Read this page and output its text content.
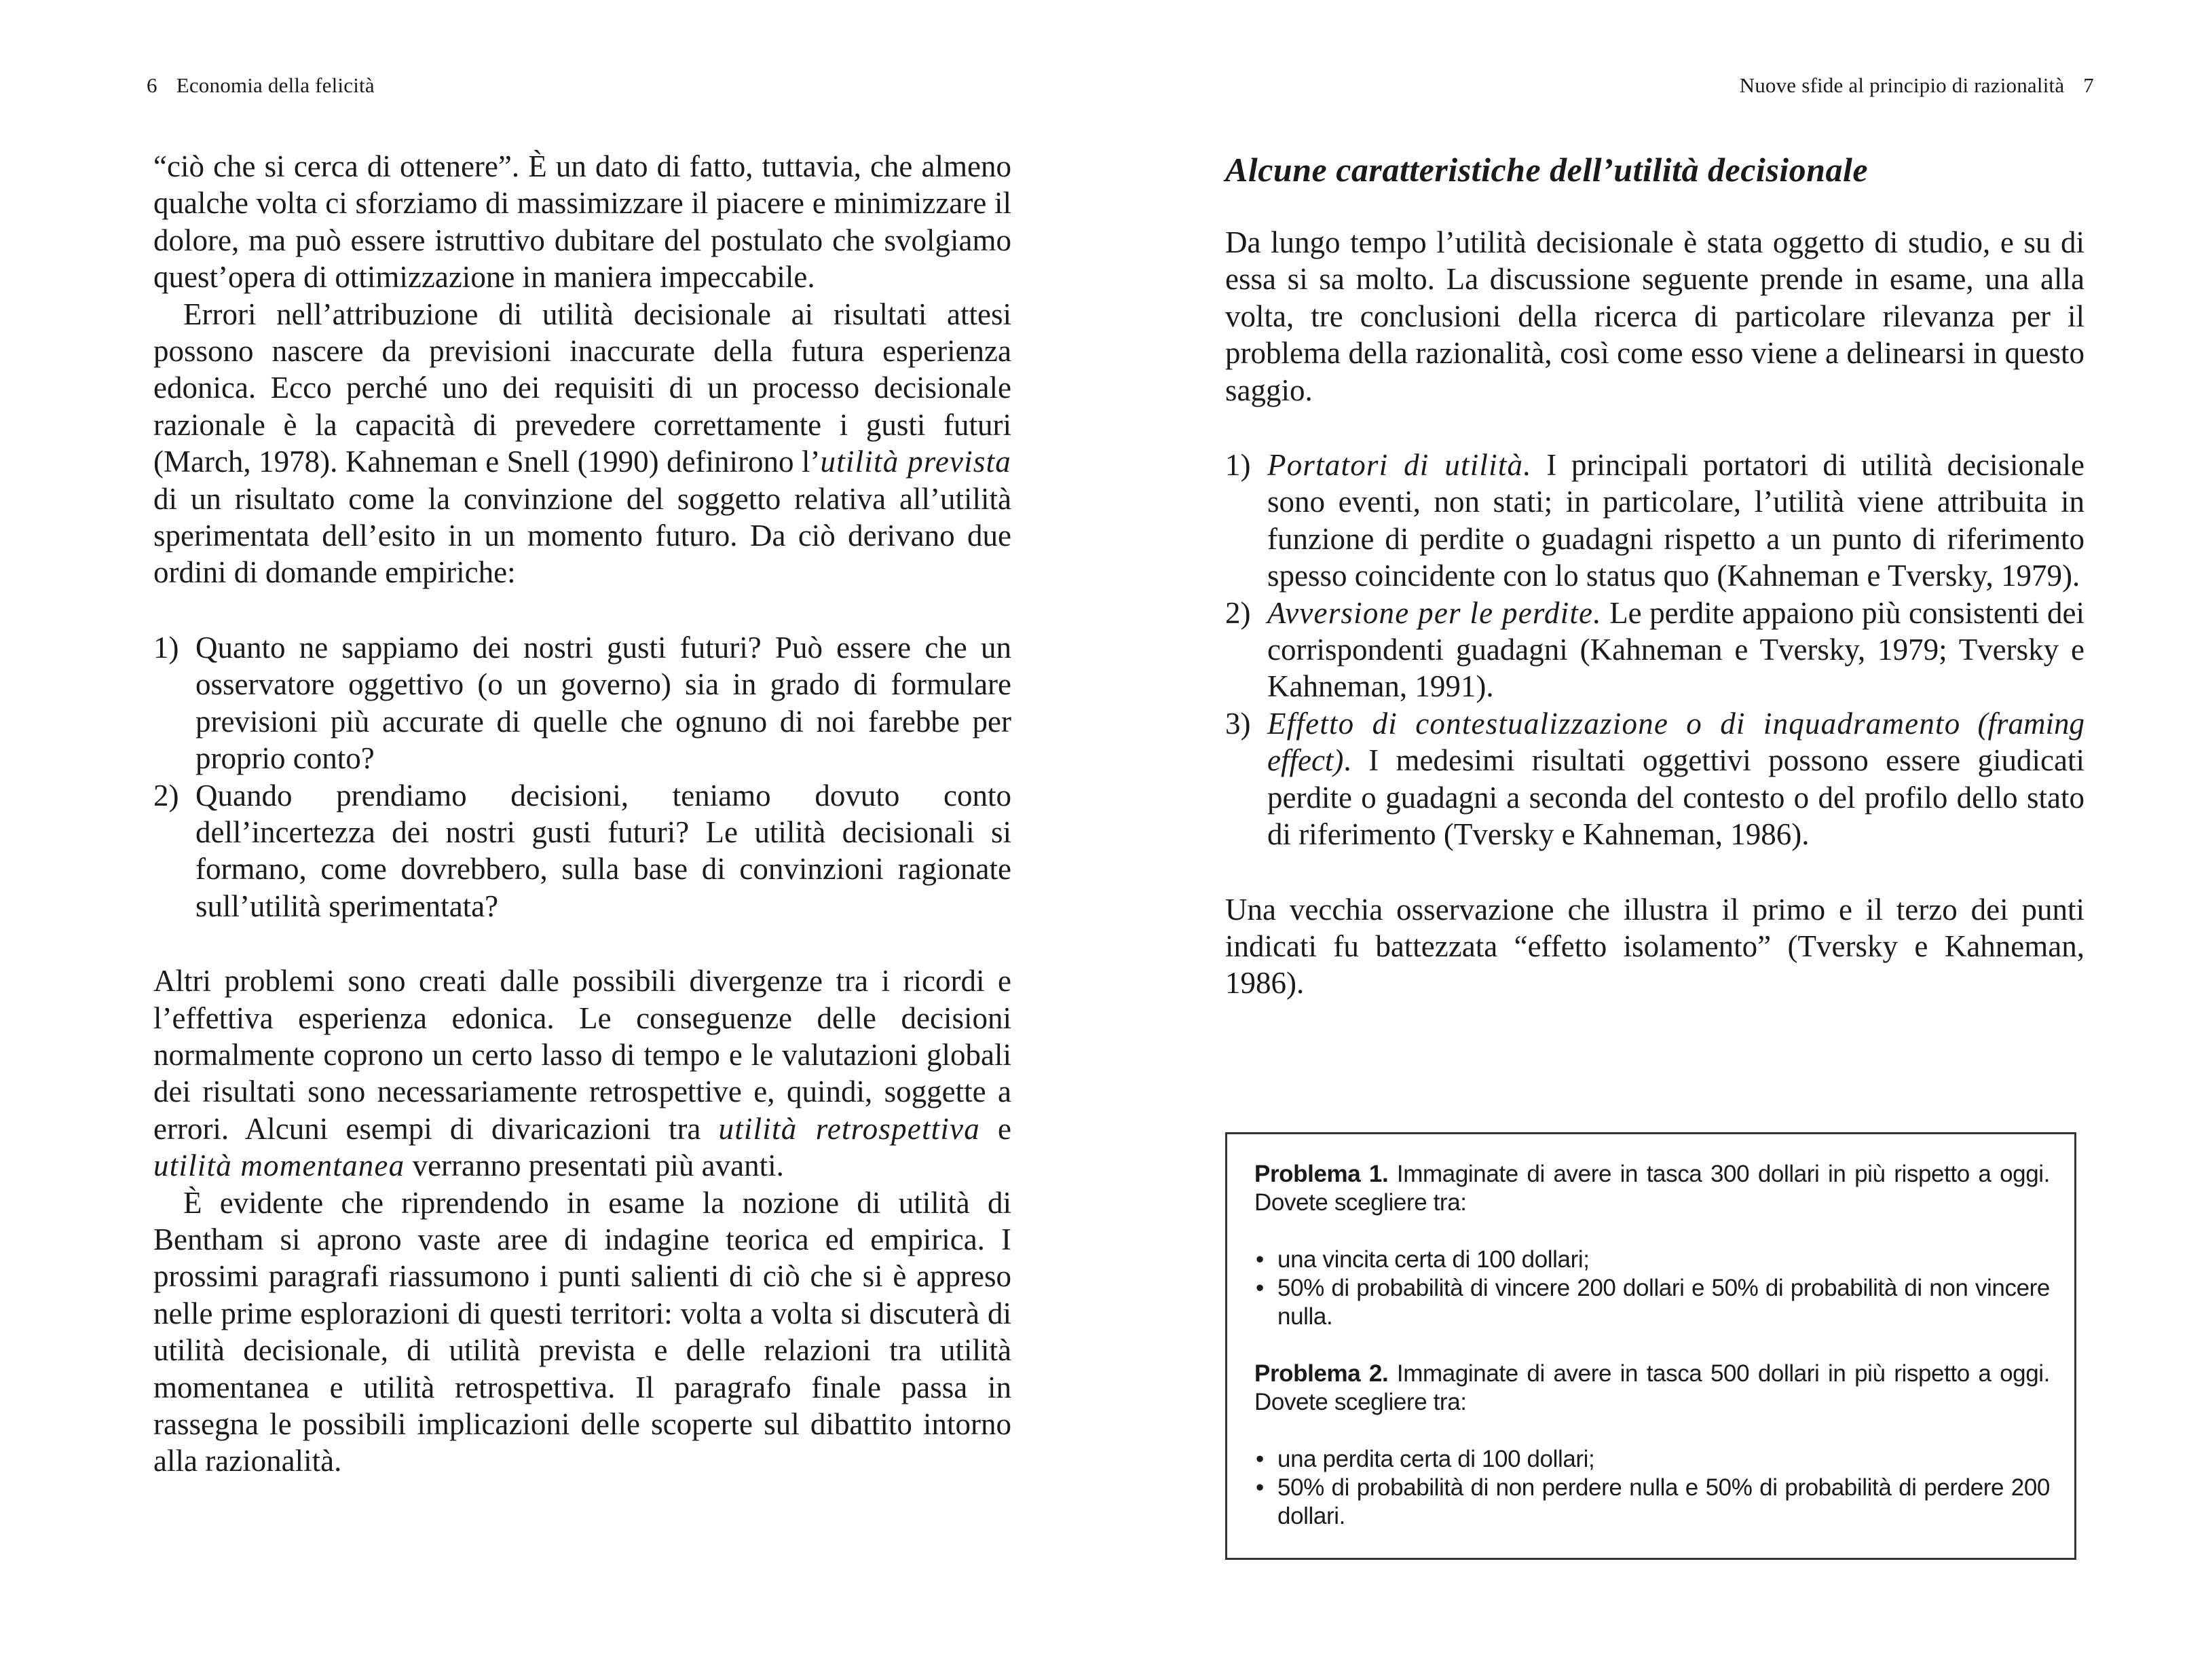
6 Economia della felicità

“ciò che si cerca di ottenere”. È un dato di fatto, tuttavia, che almeno qualche volta ci sforziamo di massimizzare il piacere e minimizzare il dolore, ma può essere istruttivo dubitare del postulato che svolgiamo quest’opera di ottimizzazione in maniera impeccabile.

Errori nell’attribuzione di utilità decisionale ai risultati attesi possono nascere da previsioni inaccurate della futura esperienza edonica. Ecco perché uno dei requisiti di un processo decisionale razionale è la capacità di prevedere correttamente i gusti futuri (March, 1978). Kahneman e Snell (1990) definirono l’utilità prevista di un risultato come la convinzione del soggetto relativa all’utilità sperimentata dell’esito in un momento futuro. Da ciò derivano due ordini di domande empiriche:

1) Quanto ne sappiamo dei nostri gusti futuri? Può essere che un osservatore oggettivo (o un governo) sia in grado di formulare previsioni più accurate di quelle che ognuno di noi farebbe per proprio conto?
2) Quando prendiamo decisioni, teniamo dovuto conto dell’incertezza dei nostri gusti futuri? Le utilità decisionali si formano, come dovrebbero, sulla base di convinzioni ragionate sull’utilità sperimentata?

Altri problemi sono creati dalle possibili divergenze tra i ricordi e l’effettiva esperienza edonica. Le conseguenze delle decisioni normalmente coprono un certo lasso di tempo e le valutazioni globali dei risultati sono necessariamente retrospettive e, quindi, soggette a errori. Alcuni esempi di divaricazioni tra utilità retrospettiva e utilità momentanea verranno presentati più avanti.

È evidente che riprendendo in esame la nozione di utilità di Bentham si aprono vaste aree di indagine teorica ed empirica. I prossimi paragrafi riassumono i punti salienti di ciò che si è appreso nelle prime esplorazioni di questi territori: volta a volta si discuterà di utilità decisionale, di utilità prevista e delle relazioni tra utilità momentanea e utilità retrospettiva. Il paragrafo finale passa in rassegna le possibili implicazioni delle scoperte sul dibattito intorno alla razionalità.

Nuove sfide al principio di razionalità 7
Alcune caratteristiche dell’utilità decisionale

Da lungo tempo l’utilità decisionale è stata oggetto di studio, e su di essa si sa molto. La discussione seguente prende in esame, una alla volta, tre conclusioni della ricerca di particolare rilevanza per il problema della razionalità, così come esso viene a delinearsi in questo saggio.

1) Portatori di utilità. I principali portatori di utilità decisionale sono eventi, non stati; in particolare, l’utilità viene attribuita in funzione di perdite o guadagni rispetto a un punto di riferimento spesso coincidente con lo status quo (Kahneman e Tversky, 1979).
2) Avversione per le perdite. Le perdite appaiono più consistenti dei corrispondenti guadagni (Kahneman e Tversky, 1979; Tversky e Kahneman, 1991).
3) Effetto di contestualizzazione o di inquadramento (framing effect). I medesimi risultati oggettivi possono essere giudicati perdite o guadagni a seconda del contesto o del profilo dello stato di riferimento (Tversky e Kahneman, 1986).

Una vecchia osservazione che illustra il primo e il terzo dei punti indicati fu battezzata “effetto isolamento” (Tversky e Kahneman, 1986).

Problema 1. Immaginate di avere in tasca 300 dollari in più rispetto a oggi. Dovete scegliere tra:

• una vincita certa di 100 dollari;
• 50% di probabilità di vincere 200 dollari e 50% di probabilità di non vincere nulla.

Problema 2. Immaginate di avere in tasca 500 dollari in più rispetto a oggi. Dovete scegliere tra:

• una perdita certa di 100 dollari;
• 50% di probabilità di non perdere nulla e 50% di probabilità di perdere 200 dollari.
